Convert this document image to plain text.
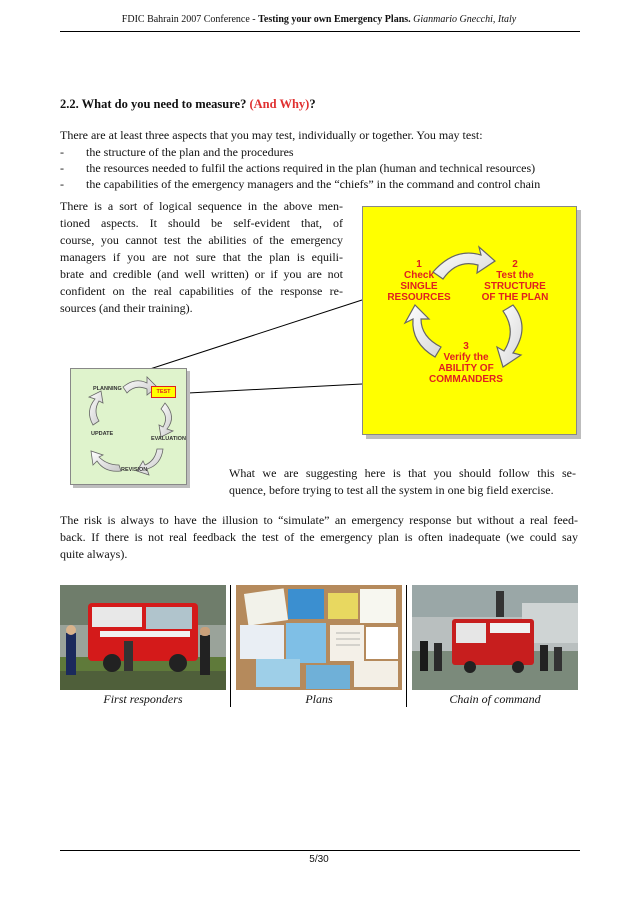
FDIC Bahrain 2007 Conference - Testing your own Emergency Plans. Gianmario Gnecchi, Italy
2.2. What do you need to measure? (And Why)?
There are at least three aspects that you may test, individually or together. You may test:
-	the structure of the plan and the procedures
-	the resources needed to fulfil the actions required in the plan (human and technical resources)
-	the capabilities of the emergency managers and the “chiefs” in the command and control chain
There is a sort of logical sequence in the above men-
tioned aspects. It should be self-evident that, of
course, you cannot test the abilities of the emergency
managers if you are not sure that the plan is equili-
brate and credible (and well written) or if you are not
confident on the real capabilities of the response re-
sources (and their training).
1
Check
SINGLE
RESOURCES
2
Test the
STRUCTURE
OF THE PLAN
3
Verify the
ABILITY OF
COMMANDERS
PLANNING	TEST
EVALUATION
REVISION
UPDATE
What we are suggesting here is that you should follow this se-
quence, before trying to test all the system in one big field exercise.
The risk is always to have the illusion to “simulate” an emergency response but without a real feed-
back. If there is not real feedback the test of the emergency plan is often inadequate (we could say
quite always).
First responders	Plans	Chain of command
5/30
